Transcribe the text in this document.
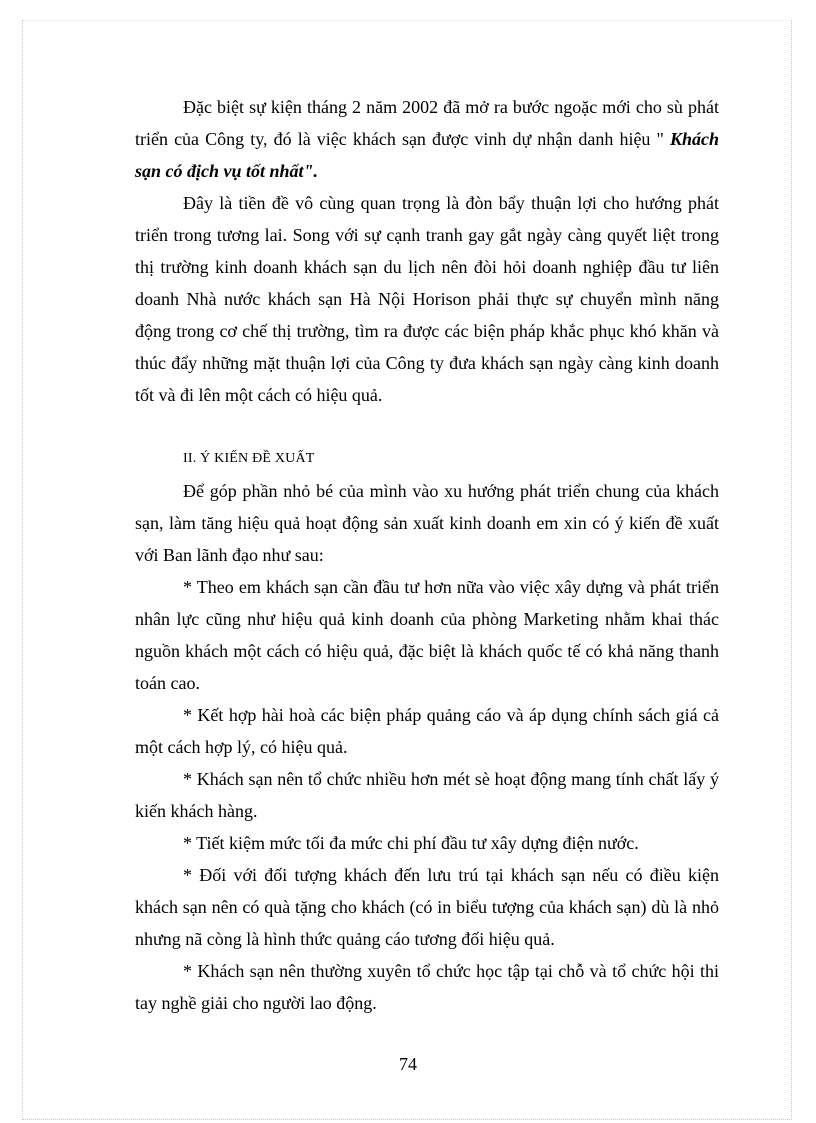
Đặc biệt sự kiện tháng 2 năm 2002 đã mở ra bước ngoặc mới cho sù phát triển của Công ty, đó là việc khách sạn được vinh dự nhận danh hiệu " Khách sạn có địch vụ tốt nhất".

Đây là tiền đề vô cùng quan trọng là đòn bẩy thuận lợi cho hướng phát triển trong tương lai. Song với sự cạnh tranh gay gắt ngày càng quyết liệt trong thị trường kinh doanh khách sạn du lịch nên đòi hỏi doanh nghiệp đầu tư liên doanh Nhà nước khách sạn Hà Nội Horison phải thực sự chuyển mình năng động trong cơ chế thị trường, tìm ra được các biện pháp khắc phục khó khăn và thúc đẩy những mặt thuận lợi của Công ty đưa khách sạn ngày càng kinh doanh tốt và đi lên một cách có hiệu quả.

II. Ý KIẾN ĐỀ XUẤT

Để góp phần nhỏ bé của mình vào xu hướng phát triển chung của khách sạn, làm tăng hiệu quả hoạt động sản xuất kinh doanh em xin có ý kiến đề xuất với Ban lãnh đạo như sau:

* Theo em khách sạn cần đầu tư hơn nữa vào việc xây dựng và phát triển nhân lực cũng như hiệu quả kinh doanh của phòng Marketing nhằm khai thác nguồn khách một cách có hiệu quả, đặc biệt là khách quốc tế có khả năng thanh toán cao.

* Kết hợp hài hoà các biện pháp quảng cáo và áp dụng chính sách giá cả một cách hợp lý, có hiệu quả.

* Khách sạn nên tổ chức nhiều hơn mét sè hoạt động mang tính chất lấy ý kiến khách hàng.

* Tiết kiệm mức tối đa mức chi phí đầu tư xây dựng điện nước.

* Đối với đối tượng khách đến lưu trú tại khách sạn nếu có điều kiện khách sạn nên có quà tặng cho khách (có in biểu tượng của khách sạn) dù là nhỏ nhưng nã còng là hình thức quảng cáo tương đối hiệu quả.

* Khách sạn nên thường xuyên tổ chức học tập tại chỗ và tổ chức hội thi tay nghề giải cho người lao động.

74
